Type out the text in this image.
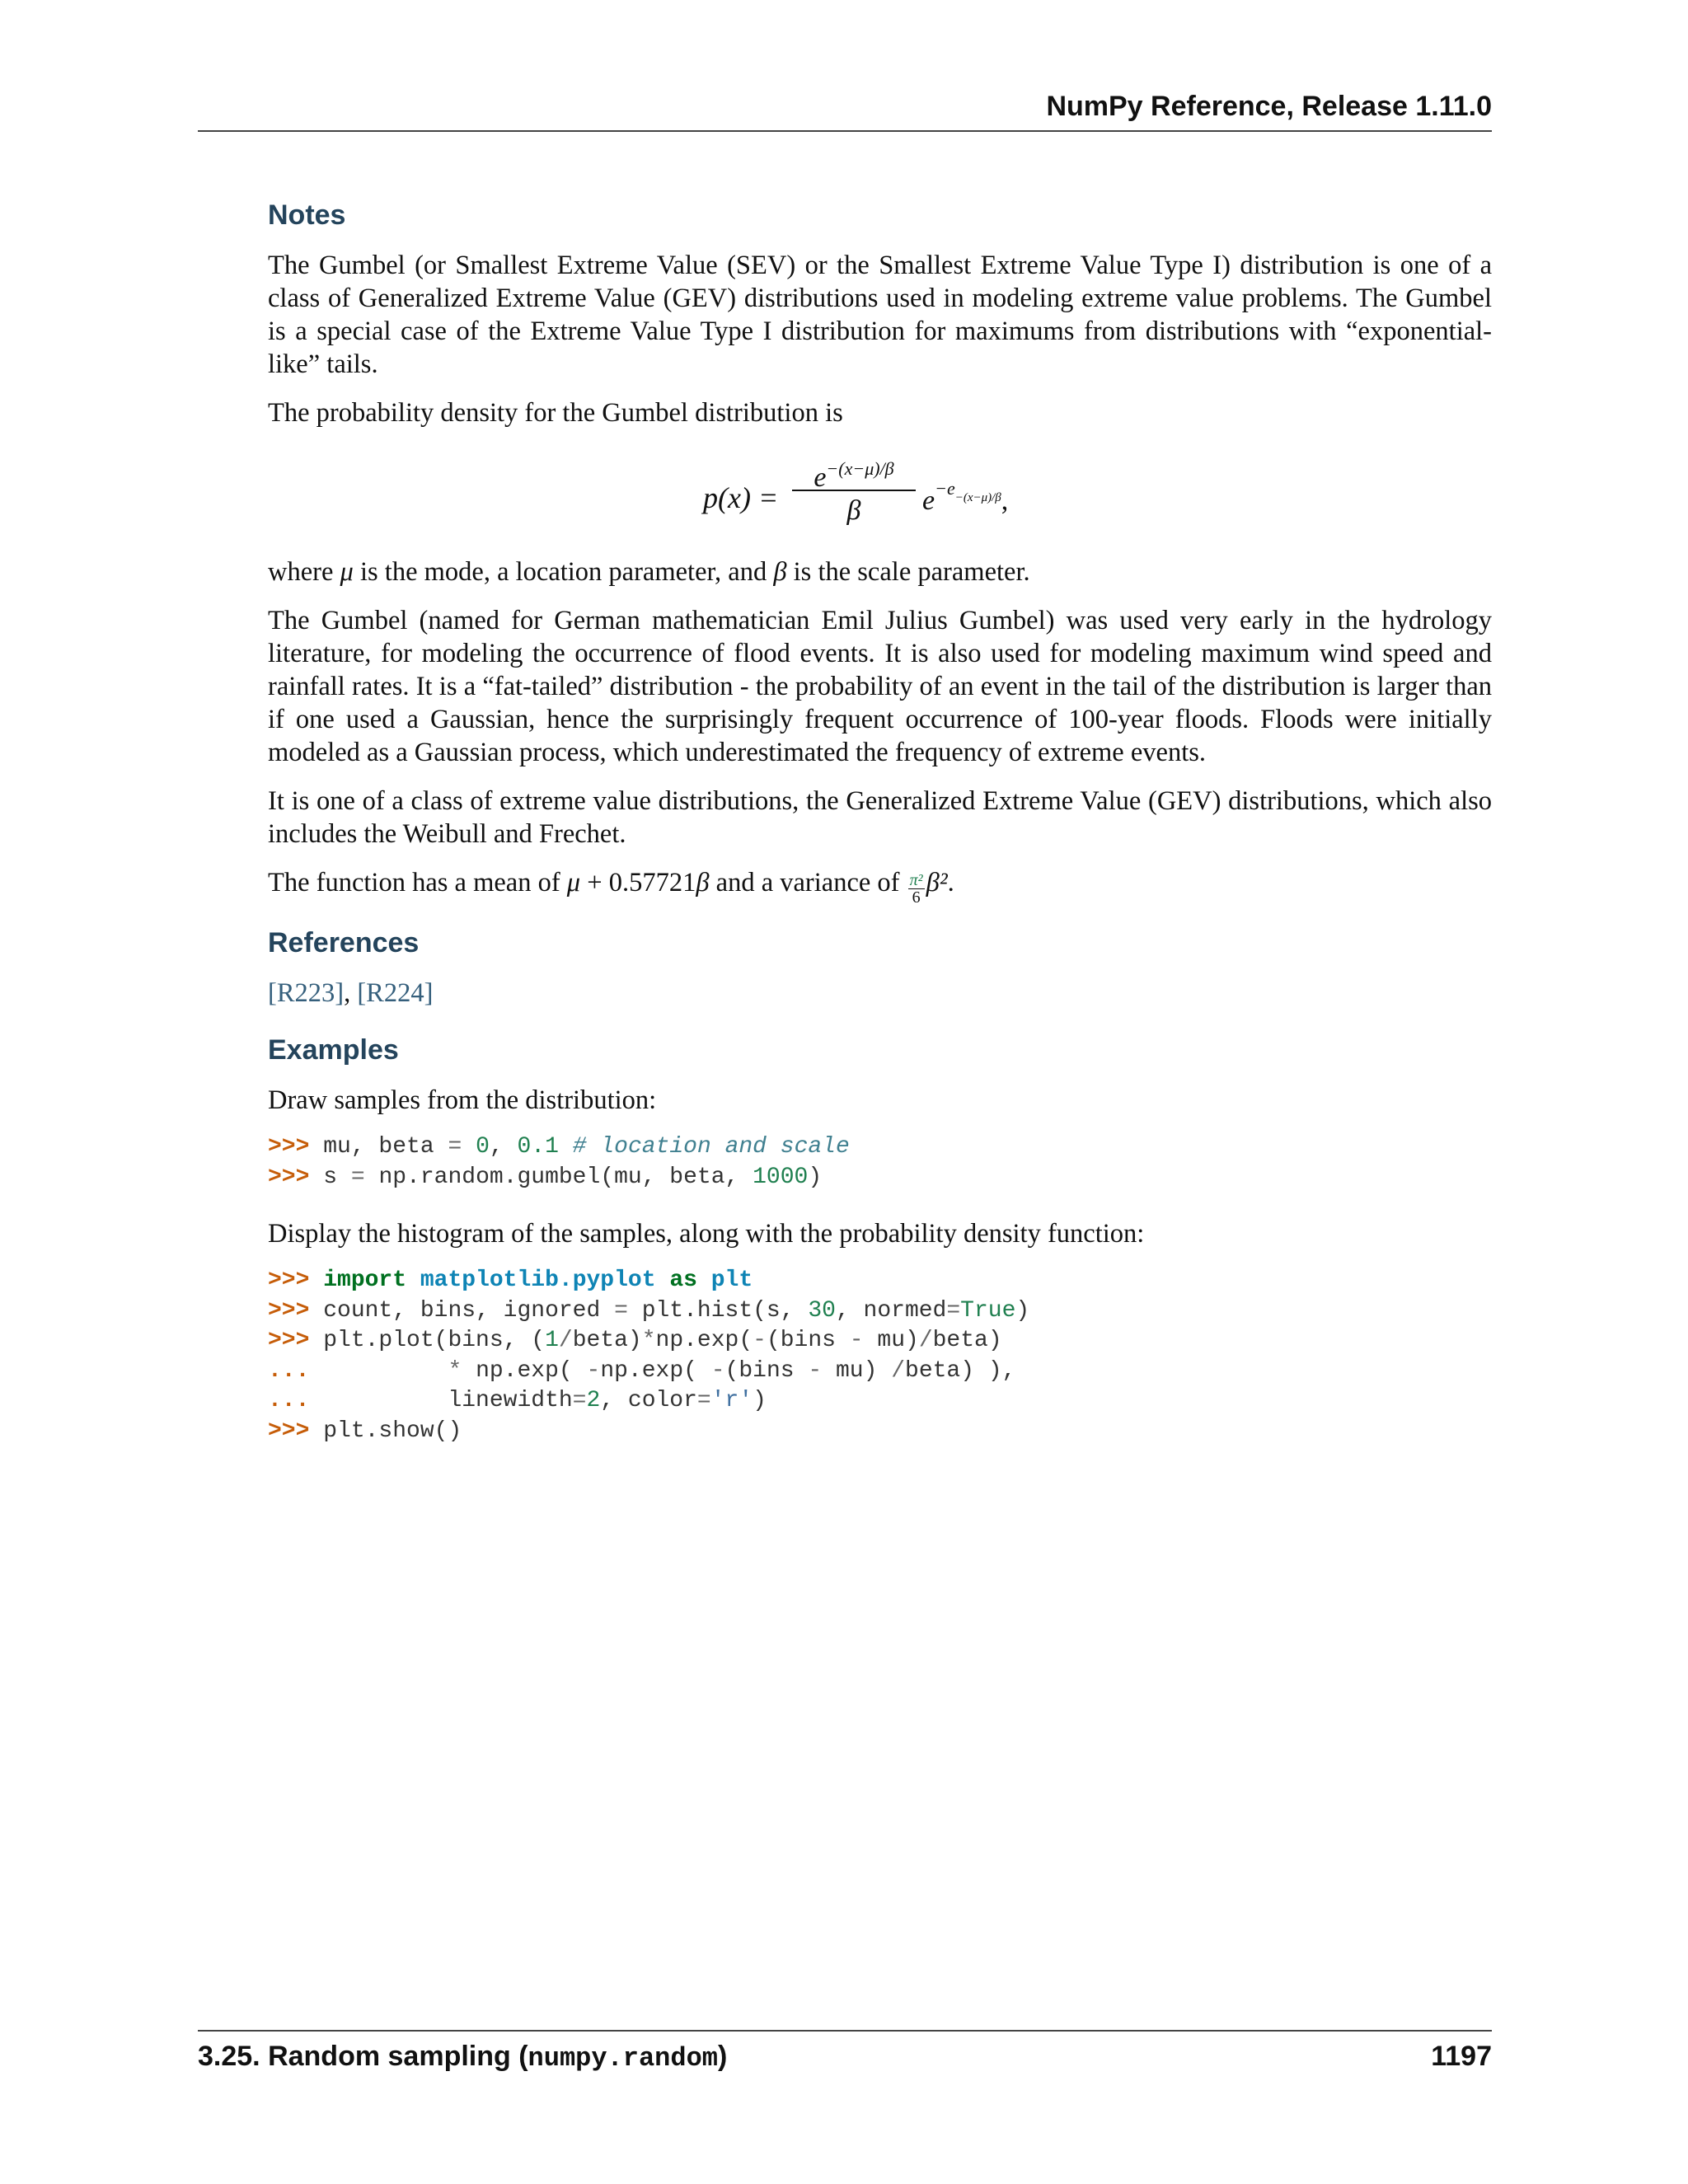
NumPy Reference, Release 1.11.0
Notes

The Gumbel (or Smallest Extreme Value (SEV) or the Smallest Extreme Value Type I) distribution is one of a class of Generalized Extreme Value (GEV) distributions used in modeling extreme value problems. The Gumbel is a special case of the Extreme Value Type I distribution for maximums from distributions with “exponential-like” tails.

The probability density for the Gumbel distribution is

p(x) =
$e^{-(x-\mu)/\beta}$
β	$e^{-e-(x-\mu)/\beta}$,

where μ is the mode, a location parameter, and β is the scale parameter.

The Gumbel (named for German mathematician Emil Julius Gumbel) was used very early in the hydrology literature, for modeling the occurrence of flood events. It is also used for modeling maximum wind speed and rainfall rates. It is a “fat-tailed” distribution - the probability of an event in the tail of the distribution is larger than if one used a Gaussian, hence the surprisingly frequent occurrence of 100-year floods. Floods were initially modeled as a Gaussian process, which underestimated the frequency of extreme events.

It is one of a class of extreme value distributions, the Generalized Extreme Value (GEV) distributions, which also includes the Weibull and Frechet.

The function has a mean of μ + 0.57721β and a variance of $\frac{\text{π²}}{6} \beta^2$.

References

[R223], [R224]

Examples

Draw samples from the distribution:

>>> mu, beta = 0, 0.1 # location and scale
>>> s = np.random.gumbel(mu, beta, 1000)

Display the histogram of the samples, along with the probability density function:

>>> import matplotlib.pyplot as plt
>>> count, bins, ignored = plt.hist(s, 30, normed=True)
>>> plt.plot(bins, (1/beta)*np.exp(-(bins - mu)/beta)
...	* np.exp( -np.exp( -(bins - mu) /beta) ),
...          linewidth=2, color='r')
>>> plt.show()
3.25. Random sampling (numpy.random)	1197
